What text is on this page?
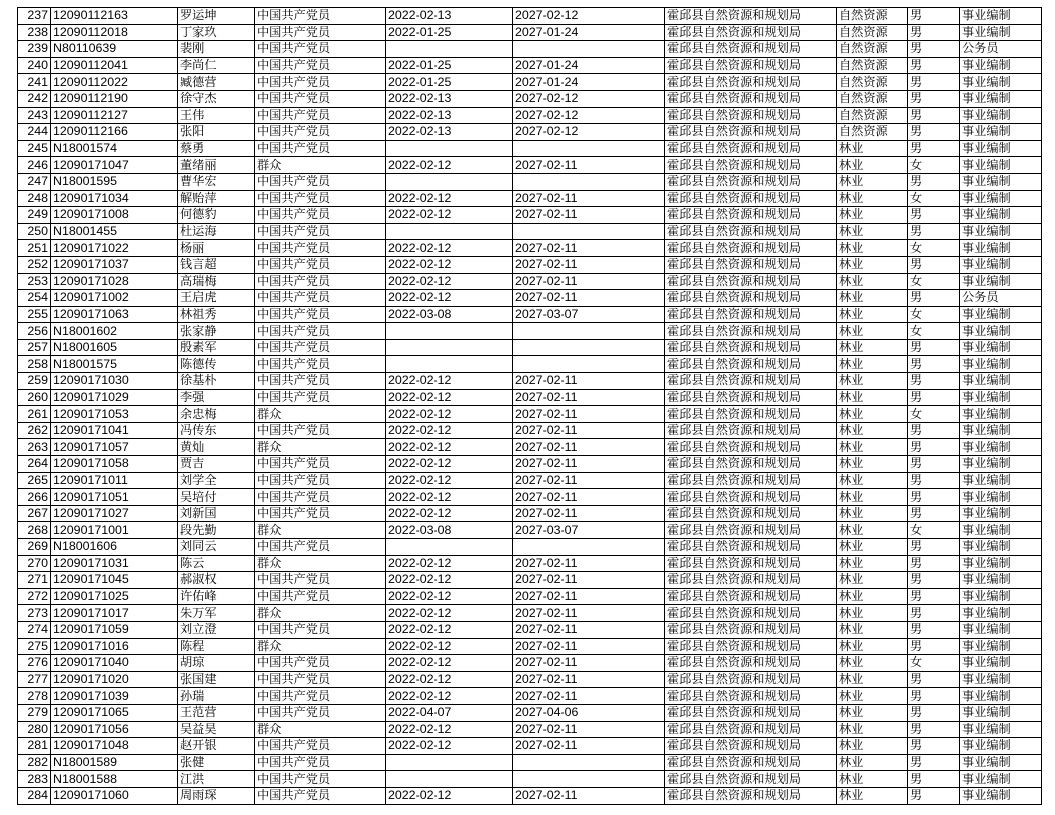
237	12090112163	罗运坤	中国共产党员	2022-02-13	2027-02-12	霍邱县自然资源和规划局	自然资源	男	事业编制
238	12090112018	丁家玖	中国共产党员	2022-01-25	2027-01-24	霍邱县自然资源和规划局	自然资源	男	事业编制
239	N80110639	裴刚	中国共产党员			霍邱县自然资源和规划局	自然资源	男	公务员
240	12090112041	李尚仁	中国共产党员	2022-01-25	2027-01-24	霍邱县自然资源和规划局	自然资源	男	事业编制
241	12090112022	臧德营	中国共产党员	2022-01-25	2027-01-24	霍邱县自然资源和规划局	自然资源	男	事业编制
242	12090112190	徐守杰	中国共产党员	2022-02-13	2027-02-12	霍邱县自然资源和规划局	自然资源	男	事业编制
243	12090112127	王伟	中国共产党员	2022-02-13	2027-02-12	霍邱县自然资源和规划局	自然资源	男	事业编制
244	12090112166	张阳	中国共产党员	2022-02-13	2027-02-12	霍邱县自然资源和规划局	自然资源	男	事业编制
245	N18001574	蔡勇	中国共产党员			霍邱县自然资源和规划局	林业	男	事业编制
246	12090171047	董绪丽	群众	2022-02-12	2027-02-11	霍邱县自然资源和规划局	林业	女	事业编制
247	N18001595	曹华宏	中国共产党员			霍邱县自然资源和规划局	林业	男	事业编制
248	12090171034	解贻萍	中国共产党员	2022-02-12	2027-02-11	霍邱县自然资源和规划局	林业	女	事业编制
249	12090171008	何德豹	中国共产党员	2022-02-12	2027-02-11	霍邱县自然资源和规划局	林业	男	事业编制
250	N18001455	杜运海	中国共产党员			霍邱县自然资源和规划局	林业	男	事业编制
251	12090171022	杨丽	中国共产党员	2022-02-12	2027-02-11	霍邱县自然资源和规划局	林业	女	事业编制
252	12090171037	钱言超	中国共产党员	2022-02-12	2027-02-11	霍邱县自然资源和规划局	林业	男	事业编制
253	12090171028	高瑞梅	中国共产党员	2022-02-12	2027-02-11	霍邱县自然资源和规划局	林业	女	事业编制
254	12090171002	王启虎	中国共产党员	2022-02-12	2027-02-11	霍邱县自然资源和规划局	林业	男	公务员
255	12090171063	林祖秀	中国共产党员	2022-03-08	2027-03-07	霍邱县自然资源和规划局	林业	女	事业编制
256	N18001602	张家静	中国共产党员			霍邱县自然资源和规划局	林业	女	事业编制
257	N18001605	殷素军	中国共产党员			霍邱县自然资源和规划局	林业	男	事业编制
258	N18001575	陈德传	中国共产党员			霍邱县自然资源和规划局	林业	男	事业编制
259	12090171030	徐基朴	中国共产党员	2022-02-12	2027-02-11	霍邱县自然资源和规划局	林业	男	事业编制
260	12090171029	李强	中国共产党员	2022-02-12	2027-02-11	霍邱县自然资源和规划局	林业	男	事业编制
261	12090171053	余忠梅	群众	2022-02-12	2027-02-11	霍邱县自然资源和规划局	林业	女	事业编制
262	12090171041	冯传东	中国共产党员	2022-02-12	2027-02-11	霍邱县自然资源和规划局	林业	男	事业编制
263	12090171057	黄灿	群众	2022-02-12	2027-02-11	霍邱县自然资源和规划局	林业	男	事业编制
264	12090171058	贾吉	中国共产党员	2022-02-12	2027-02-11	霍邱县自然资源和规划局	林业	男	事业编制
265	12090171011	刘学全	中国共产党员	2022-02-12	2027-02-11	霍邱县自然资源和规划局	林业	男	事业编制
266	12090171051	吴培付	中国共产党员	2022-02-12	2027-02-11	霍邱县自然资源和规划局	林业	男	事业编制
267	12090171027	刘新国	中国共产党员	2022-02-12	2027-02-11	霍邱县自然资源和规划局	林业	男	事业编制
268	12090171001	段先勤	群众	2022-03-08	2027-03-07	霍邱县自然资源和规划局	林业	女	事业编制
269	N18001606	刘同云	中国共产党员			霍邱县自然资源和规划局	林业	男	事业编制
270	12090171031	陈云	群众	2022-02-12	2027-02-11	霍邱县自然资源和规划局	林业	男	事业编制
271	12090171045	郝淑权	中国共产党员	2022-02-12	2027-02-11	霍邱县自然资源和规划局	林业	男	事业编制
272	12090171025	许佑峰	中国共产党员	2022-02-12	2027-02-11	霍邱县自然资源和规划局	林业	男	事业编制
273	12090171017	朱万军	群众	2022-02-12	2027-02-11	霍邱县自然资源和规划局	林业	男	事业编制
274	12090171059	刘立澄	中国共产党员	2022-02-12	2027-02-11	霍邱县自然资源和规划局	林业	男	事业编制
275	12090171016	陈程	群众	2022-02-12	2027-02-11	霍邱县自然资源和规划局	林业	男	事业编制
276	12090171040	胡琼	中国共产党员	2022-02-12	2027-02-11	霍邱县自然资源和规划局	林业	女	事业编制
277	12090171020	张国建	中国共产党员	2022-02-12	2027-02-11	霍邱县自然资源和规划局	林业	男	事业编制
278	12090171039	孙瑞	中国共产党员	2022-02-12	2027-02-11	霍邱县自然资源和规划局	林业	男	事业编制
279	12090171065	王范营	中国共产党员	2022-04-07	2027-04-06	霍邱县自然资源和规划局	林业	男	事业编制
280	12090171056	吴益昊	群众	2022-02-12	2027-02-11	霍邱县自然资源和规划局	林业	男	事业编制
281	12090171048	赵开银	中国共产党员	2022-02-12	2027-02-11	霍邱县自然资源和规划局	林业	男	事业编制
282	N18001589	张健	中国共产党员			霍邱县自然资源和规划局	林业	男	事业编制
283	N18001588	江洪	中国共产党员			霍邱县自然资源和规划局	林业	男	事业编制
284	12090171060	周雨琛	中国共产党员	2022-02-12	2027-02-11	霍邱县自然资源和规划局	林业	男	事业编制
